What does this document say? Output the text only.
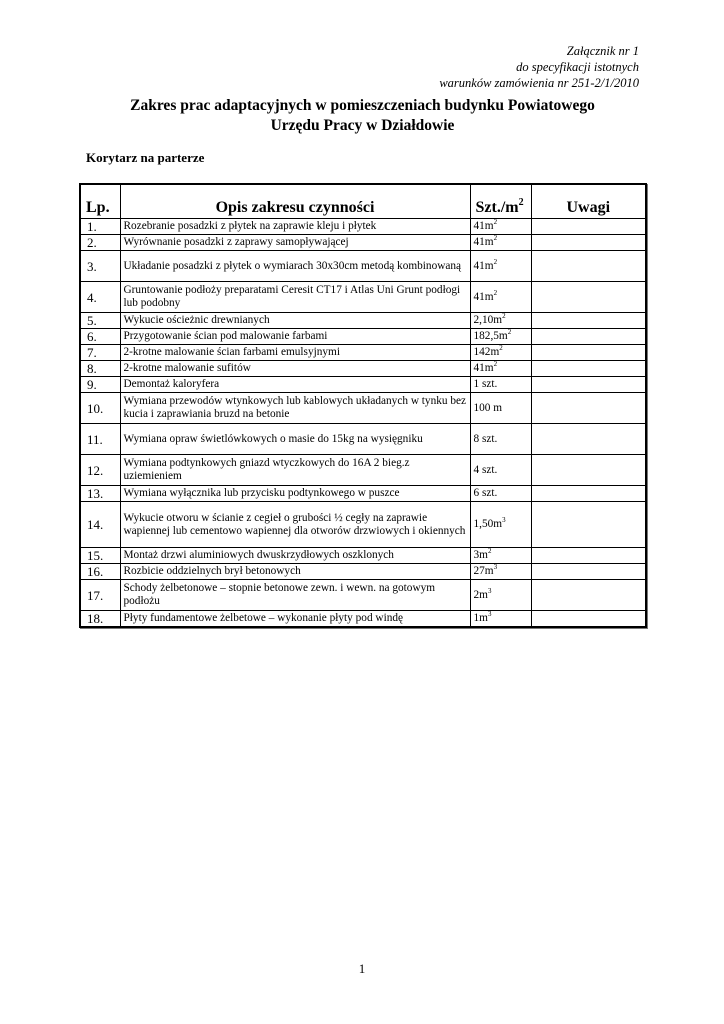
Załącznik nr 1
do specyfikacji istotnych
warunków zamówienia nr 251-2/1/2010
Zakres prac adaptacyjnych w pomieszczeniach budynku Powiatowego
Urzędu Pracy w Działdowie
Korytarz na parterze
Lp.	Opis zakresu czynności	$Szt./m^2$	Uwagi
1.	Rozebranie posadzki z płytek na zaprawie kleju i płytek	$41m^2$	
2.	Wyrównanie posadzki z zaprawy samopływającej	$41m^2$	
3.	Układanie posadzki z płytek o wymiarach 30x30cm metodą kombinowaną	$41m^2$	
4.	Gruntowanie podłoży preparatami Ceresit CT17 i Atlas Uni Grunt podłogi lub podobny	$41m^2$	
5.	Wykucie ościeżnic drewnianych	$2,10m^2$	
6.	Przygotowanie ścian pod malowanie farbami	$182,5m^2$	
7.	2-krotne malowanie ścian farbami emulsyjnymi	$142m^2$	
8.	2-krotne malowanie sufitów	$41m^2$	
9.	Demontaż kaloryfera	1 szt.	
10.	Wymiana przewodów wtynkowych lub kablowych układanych w tynku bez kucia i zaprawiania bruzd na betonie	100 m	
11.	Wymiana opraw świetlówkowych o masie do 15kg na wysięgniku	8 szt.	
12.	Wymiana podtynkowych gniazd wtyczkowych do 16A 2 bieg.z uziemieniem	4 szt.	
13.	Wymiana wyłącznika lub przycisku podtynkowego w puszce	6 szt.	
14.	Wykucie otworu w ścianie z cegieł o grubości ½ cegły na zaprawie wapiennej lub cementowo wapiennej dla otworów drzwiowych i okiennych	$1,50m^3$	
15.	Montaż drzwi aluminiowych dwuskrzydłowych oszklonych	$3m^2$	
16.	Rozbicie oddzielnych brył betonowych	$27m^3$	
17.	Schody żelbetonowe – stopnie betonowe zewn. i wewn. na gotowym podłożu	$2m^3$	
18.	Płyty fundamentowe żelbetowe – wykonanie płyty pod windę	$1m^3$	
1
